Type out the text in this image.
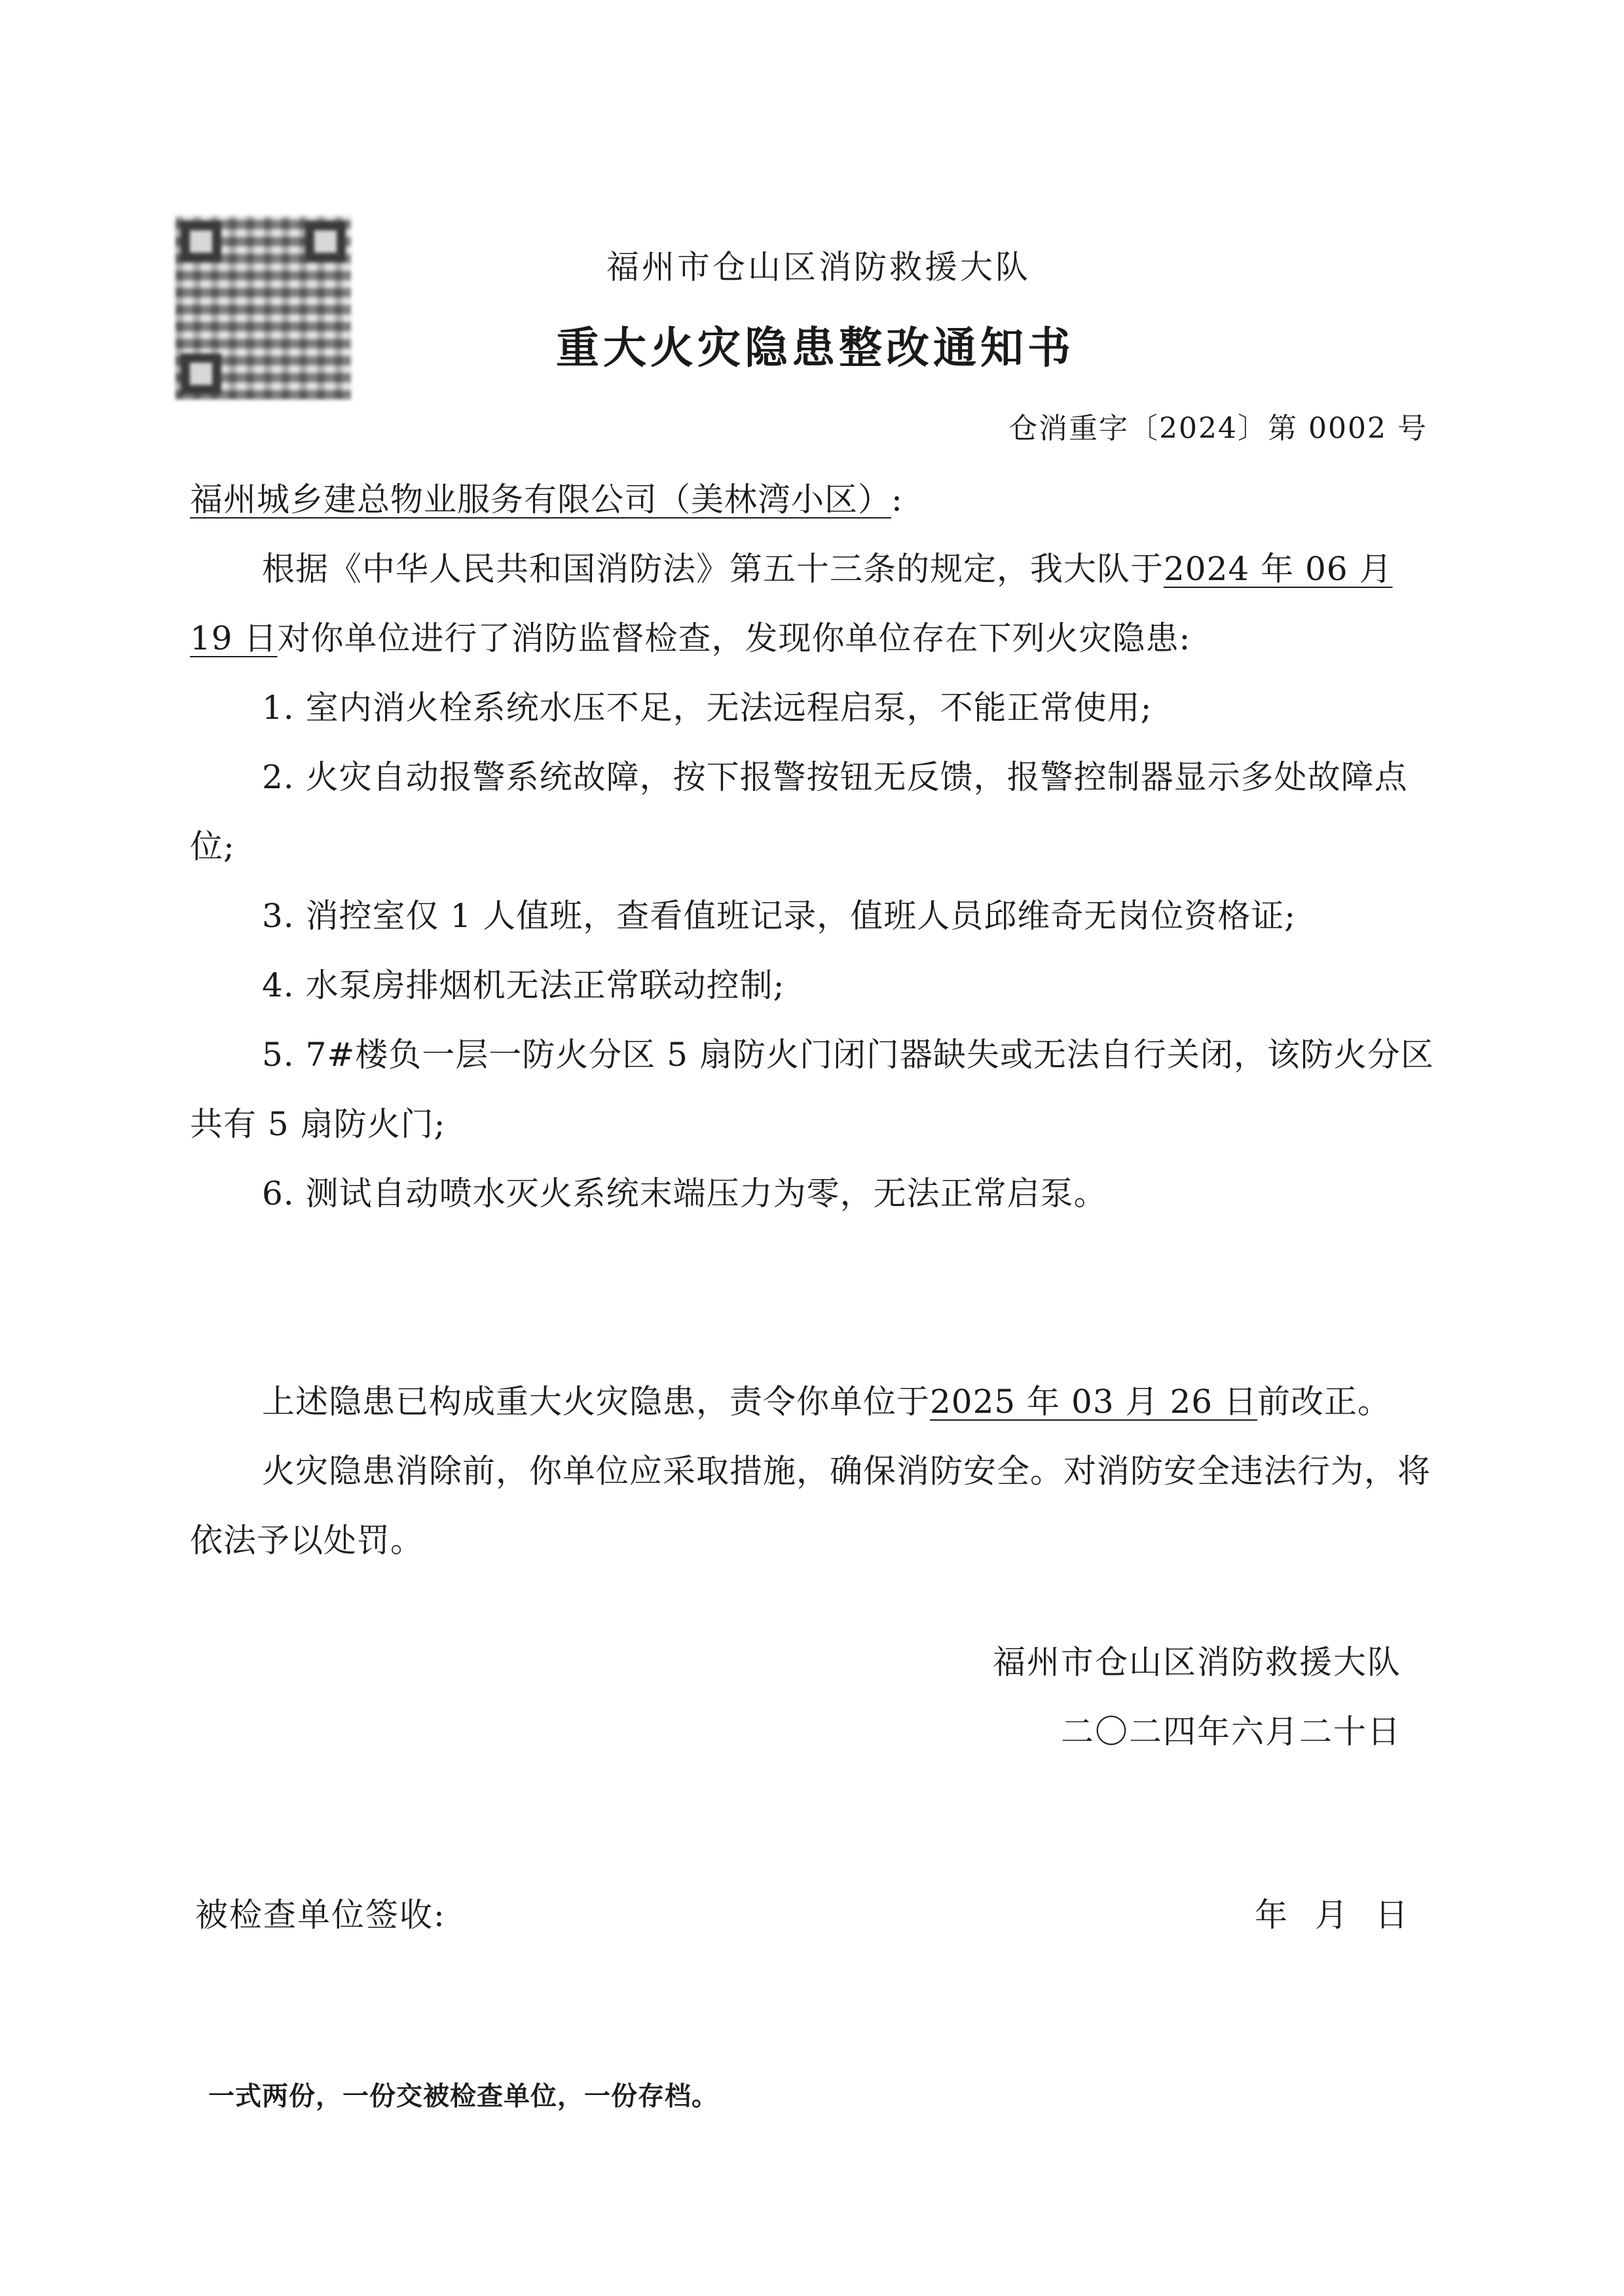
福州市仓山区消防救援大队
重大火灾隐患整改通知书
仓消重字〔2024〕第 0002 号

福州城乡建总物业服务有限公司（美林湾小区）:

根据《中华人民共和国消防法》第五十三条的规定，我大队于2024 年 06 月 19 日对你单位进行了消防监督检查，发现你单位存在下列火灾隐患:

1. 室内消火栓系统水压不足，无法远程启泵，不能正常使用;

2. 火灾自动报警系统故障，按下报警按钮无反馈，报警控制器显示多处故障点位;

3. 消控室仅 1 人值班，查看值班记录，值班人员邱维奇无岗位资格证;

4. 水泵房排烟机无法正常联动控制;

5. 7#楼负一层一防火分区 5 扇防火门闭门器缺失或无法自行关闭，该防火分区共有 5 扇防火门;

6. 测试自动喷水灭火系统末端压力为零，无法正常启泵。

上述隐患已构成重大火灾隐患，责令你单位于2025 年 03 月 26 日前改正。

火灾隐患消除前，你单位应采取措施，确保消防安全。对消防安全违法行为，将依法予以处罚。

福州市仓山区消防救援大队
二〇二四年六月二十日
被检查单位签收:	年 月 日
一式两份，一份交被检查单位，一份存档。
